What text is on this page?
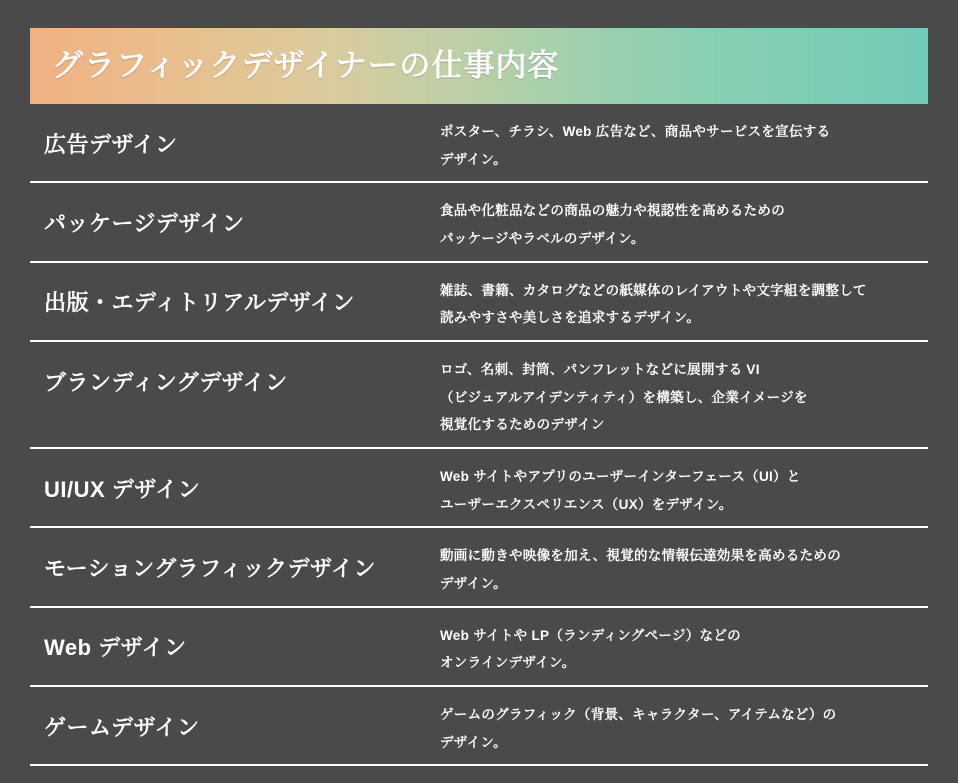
グラフィックデザイナーの仕事内容
広告デザイン	ポスター、チラシ、Web 広告など、商品やサービスを宣伝する
デザイン。
パッケージデザイン	食品や化粧品などの商品の魅力や視認性を高めるための
パッケージやラベルのデザイン。
出版・エディトリアルデザイン	雑誌、書籍、カタログなどの紙媒体のレイアウトや文字組を調整して
読みやすさや美しさを追求するデザイン。
ブランディングデザイン	ロゴ、名刺、封筒、パンフレットなどに展開する VI
（ビジュアルアイデンティティ）を構築し、企業イメージを
視覚化するためのデザイン
UI/UX デザイン	Web サイトやアプリのユーザーインターフェース（UI）と
ユーザーエクスペリエンス（UX）をデザイン。
モーショングラフィックデザイン	動画に動きや映像を加え、視覚的な情報伝達効果を高めるための
デザイン。
Web デザイン	Web サイトや LP（ランディングページ）などの
オンラインデザイン。
ゲームデザイン	ゲームのグラフィック（背景、キャラクター、アイテムなど）の
デザイン。
